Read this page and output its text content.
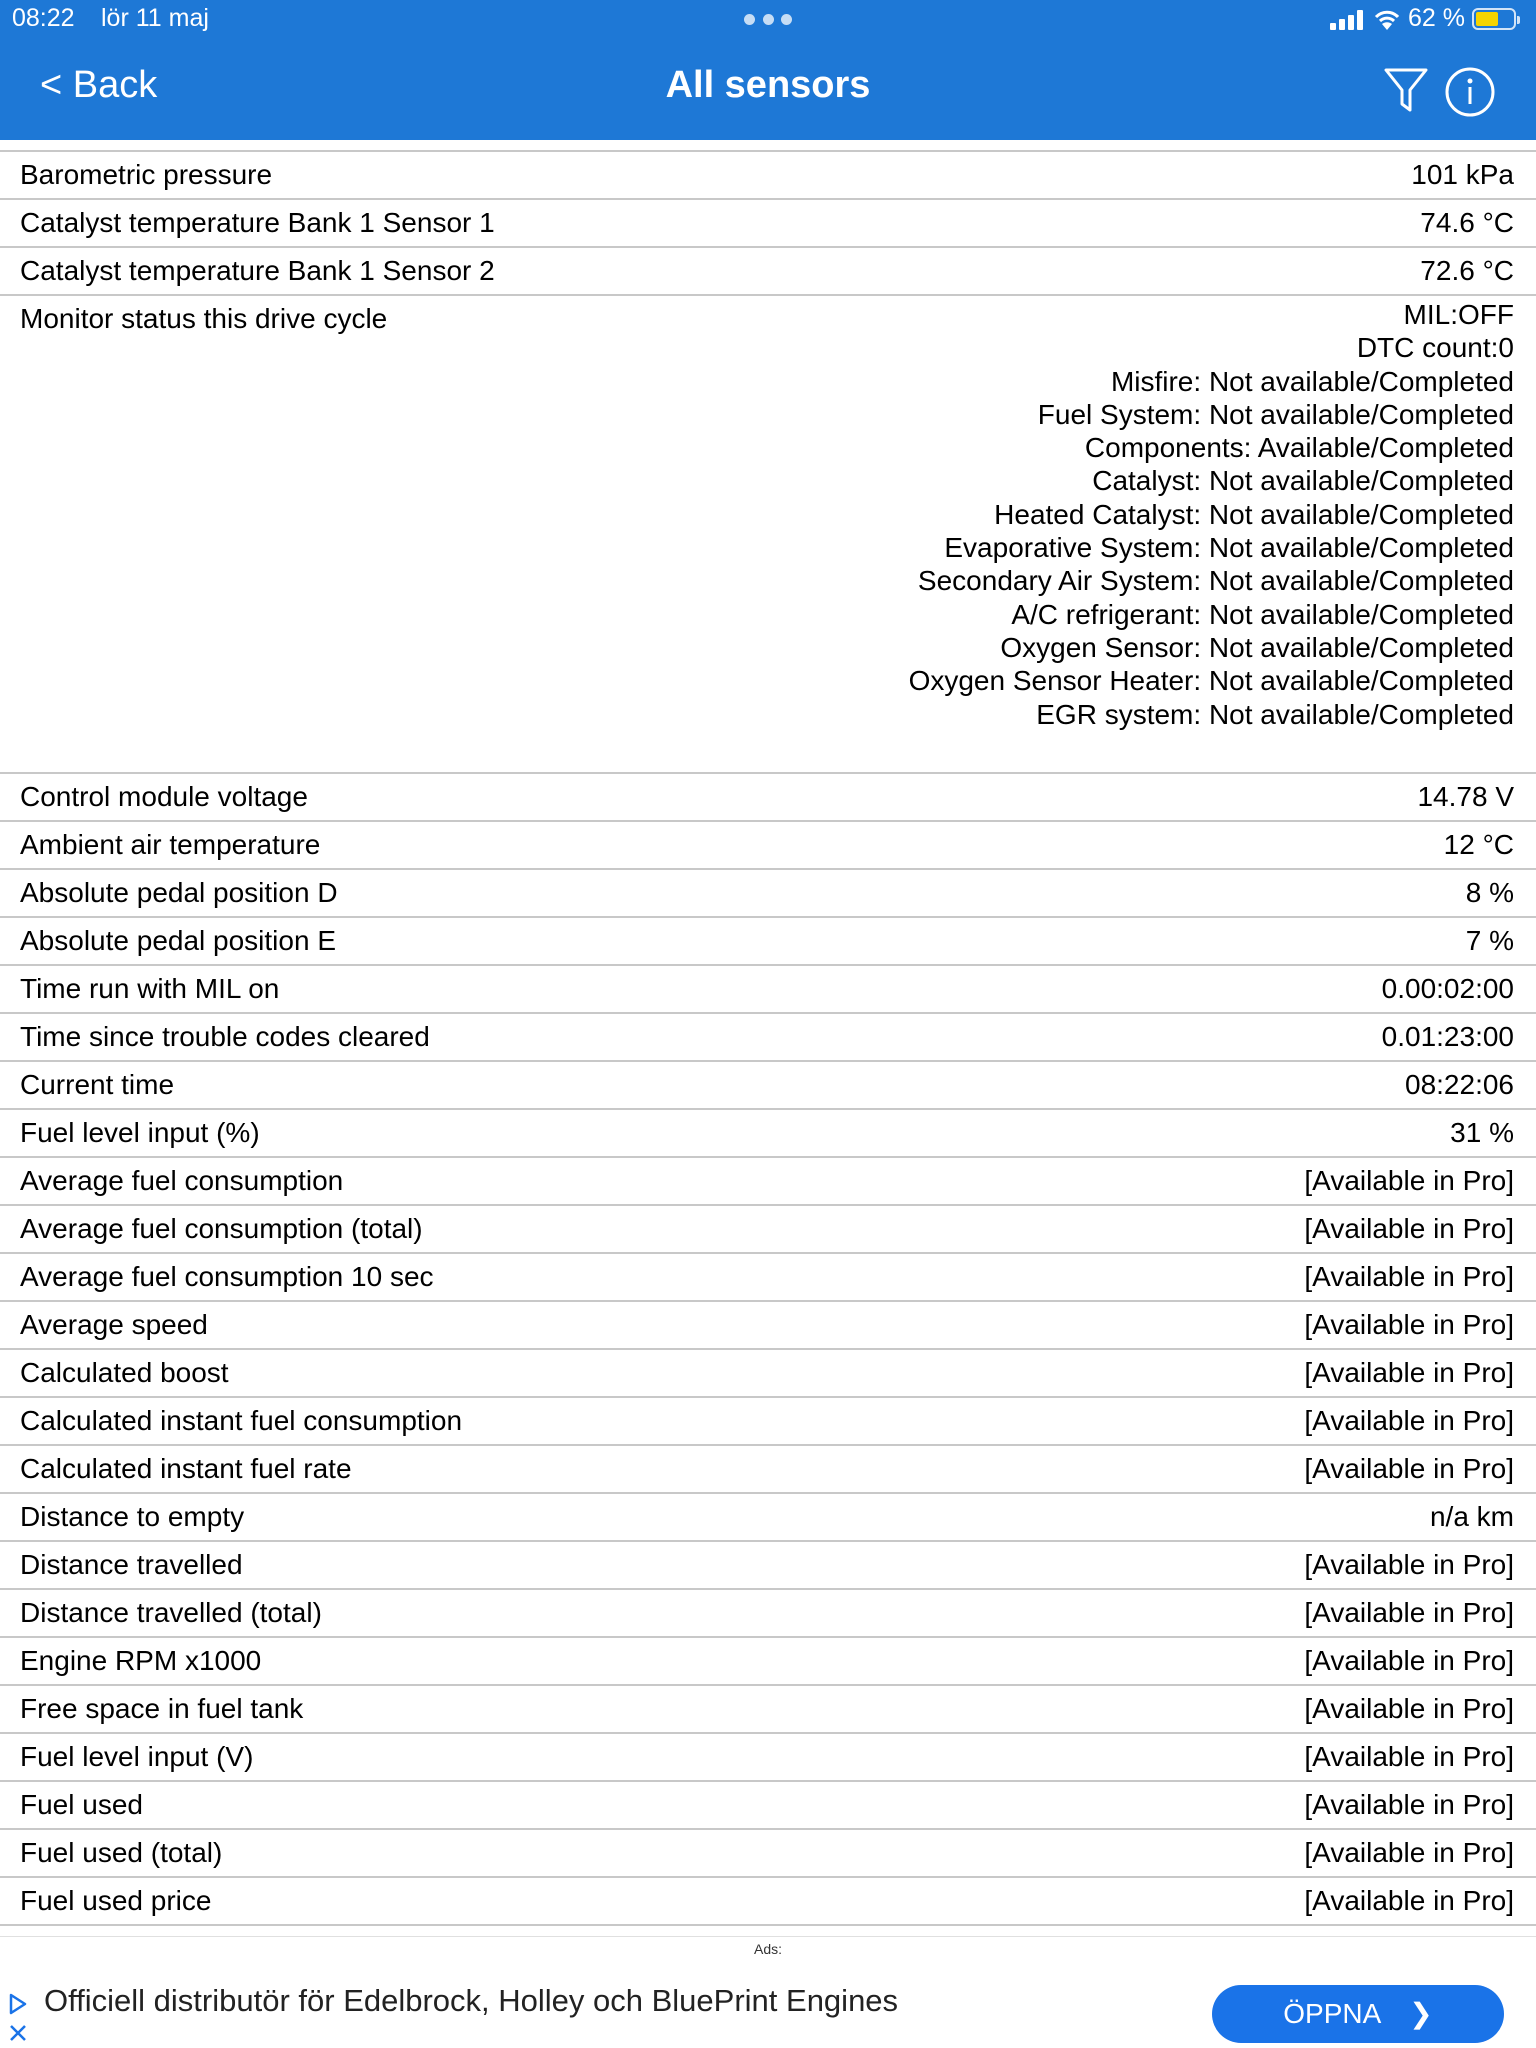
08:22 lör 11 maj	62 %
< Back	All sensors
Barometric pressure	101 kPa
Catalyst temperature Bank 1 Sensor 1	74.6 °C
Catalyst temperature Bank 1 Sensor 2	72.6 °C
Monitor status this drive cycle	MIL:OFF
DTC count:0
Misfire: Not available/Completed
Fuel System: Not available/Completed
Components: Available/Completed
Catalyst: Not available/Completed
Heated Catalyst: Not available/Completed
Evaporative System: Not available/Completed
Secondary Air System: Not available/Completed
A/C refrigerant: Not available/Completed
Oxygen Sensor: Not available/Completed
Oxygen Sensor Heater: Not available/Completed
EGR system: Not available/Completed
Control module voltage	14.78 V
Ambient air temperature	12 °C
Absolute pedal position D	8 %
Absolute pedal position E	7 %
Time run with MIL on	0.00:02:00
Time since trouble codes cleared	0.01:23:00
Current time	08:22:06
Fuel level input (%)	31 %
Average fuel consumption	[Available in Pro]
Average fuel consumption (total)	[Available in Pro]
Average fuel consumption 10 sec	[Available in Pro]
Average speed	[Available in Pro]
Calculated boost	[Available in Pro]
Calculated instant fuel consumption	[Available in Pro]
Calculated instant fuel rate	[Available in Pro]
Distance to empty	n/a km
Distance travelled	[Available in Pro]
Distance travelled (total)	[Available in Pro]
Engine RPM x1000	[Available in Pro]
Free space in fuel tank	[Available in Pro]
Fuel level input (V)	[Available in Pro]
Fuel used	[Available in Pro]
Fuel used (total)	[Available in Pro]
Fuel used price	[Available in Pro]
Ads:
Officiell distributör för Edelbrock, Holley och BluePrint Engines	ÖPPNA ❯
